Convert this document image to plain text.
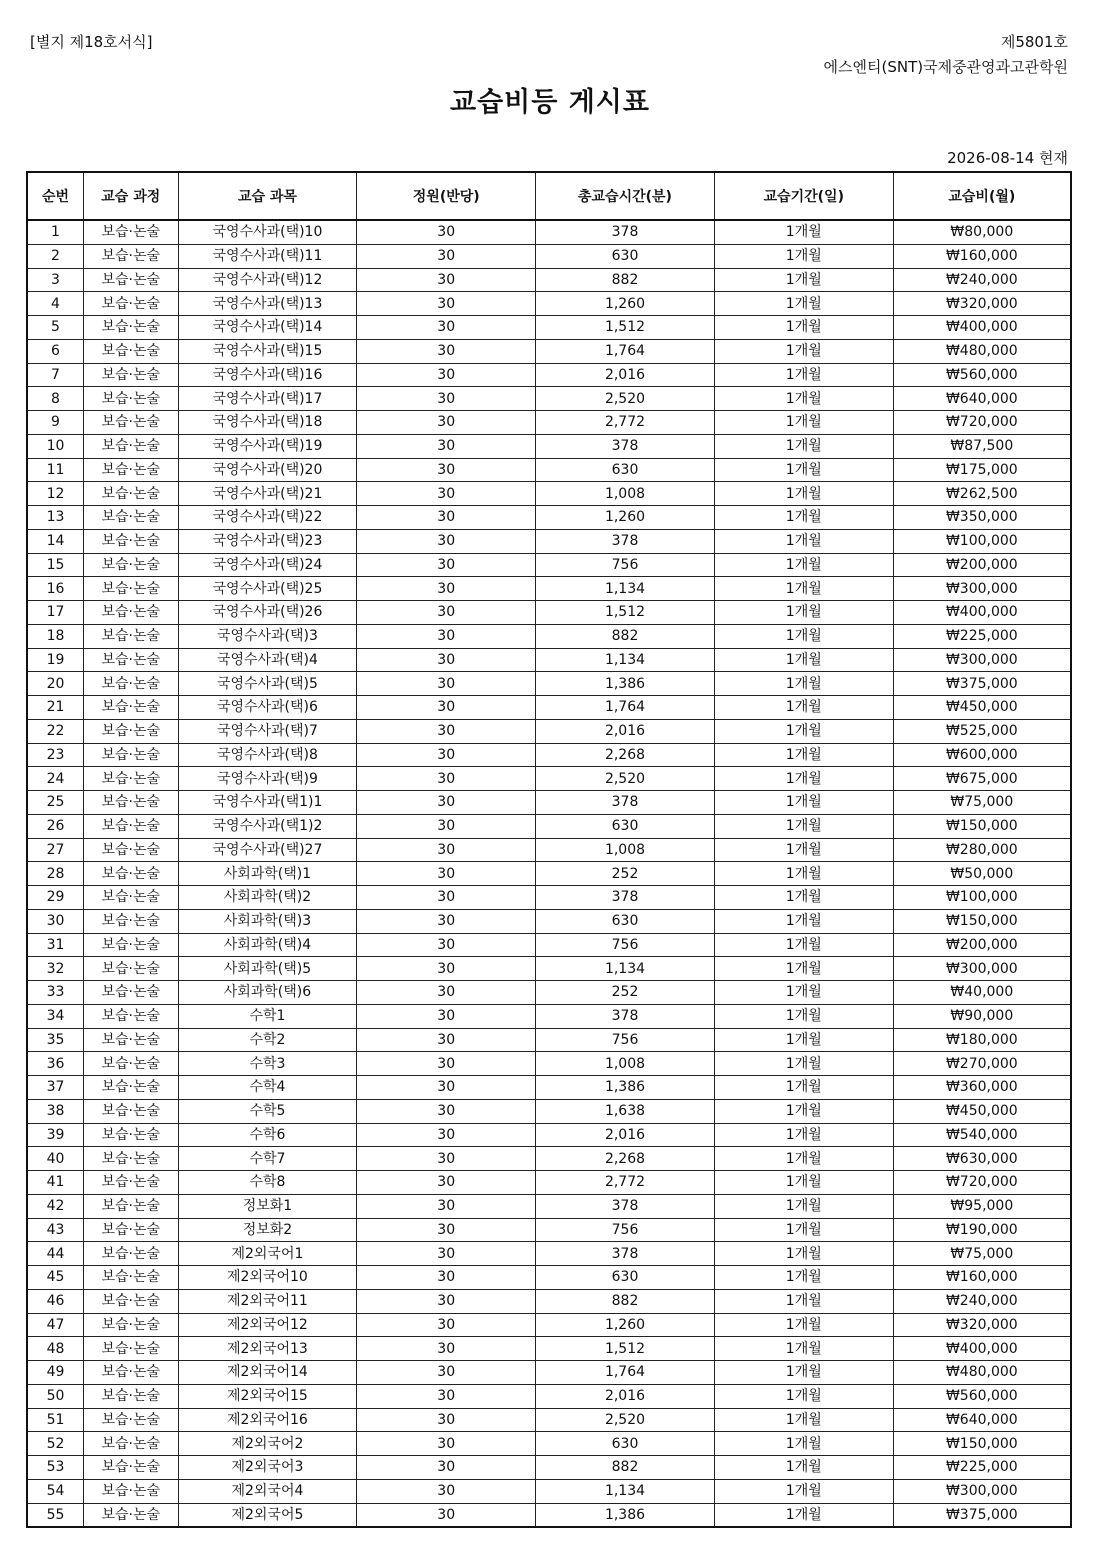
[별지 제18호서식]	제5801호
에스엔티(SNT)국제중관영과고관학원
교습비등 게시표
2026-08-14 현재
순번	교습 과정	교습 과목	정원(반당)	총교습시간(분)	교습기간(일)	교습비(월)
1	보습·논술	국영수사과(택)10	30	378	1개월	₩80,000
2	보습·논술	국영수사과(택)11	30	630	1개월	₩160,000
3	보습·논술	국영수사과(택)12	30	882	1개월	₩240,000
4	보습·논술	국영수사과(택)13	30	1,260	1개월	₩320,000
5	보습·논술	국영수사과(택)14	30	1,512	1개월	₩400,000
6	보습·논술	국영수사과(택)15	30	1,764	1개월	₩480,000
7	보습·논술	국영수사과(택)16	30	2,016	1개월	₩560,000
8	보습·논술	국영수사과(택)17	30	2,520	1개월	₩640,000
9	보습·논술	국영수사과(택)18	30	2,772	1개월	₩720,000
10	보습·논술	국영수사과(택)19	30	378	1개월	₩87,500
11	보습·논술	국영수사과(택)20	30	630	1개월	₩175,000
12	보습·논술	국영수사과(택)21	30	1,008	1개월	₩262,500
13	보습·논술	국영수사과(택)22	30	1,260	1개월	₩350,000
14	보습·논술	국영수사과(택)23	30	378	1개월	₩100,000
15	보습·논술	국영수사과(택)24	30	756	1개월	₩200,000
16	보습·논술	국영수사과(택)25	30	1,134	1개월	₩300,000
17	보습·논술	국영수사과(택)26	30	1,512	1개월	₩400,000
18	보습·논술	국영수사과(택)3	30	882	1개월	₩225,000
19	보습·논술	국영수사과(택)4	30	1,134	1개월	₩300,000
20	보습·논술	국영수사과(택)5	30	1,386	1개월	₩375,000
21	보습·논술	국영수사과(택)6	30	1,764	1개월	₩450,000
22	보습·논술	국영수사과(택)7	30	2,016	1개월	₩525,000
23	보습·논술	국영수사과(택)8	30	2,268	1개월	₩600,000
24	보습·논술	국영수사과(택)9	30	2,520	1개월	₩675,000
25	보습·논술	국영수사과(택1)1	30	378	1개월	₩75,000
26	보습·논술	국영수사과(택1)2	30	630	1개월	₩150,000
27	보습·논술	국영수사과(택)27	30	1,008	1개월	₩280,000
28	보습·논술	사회과학(택)1	30	252	1개월	₩50,000
29	보습·논술	사회과학(택)2	30	378	1개월	₩100,000
30	보습·논술	사회과학(택)3	30	630	1개월	₩150,000
31	보습·논술	사회과학(택)4	30	756	1개월	₩200,000
32	보습·논술	사회과학(택)5	30	1,134	1개월	₩300,000
33	보습·논술	사회과학(택)6	30	252	1개월	₩40,000
34	보습·논술	수학1	30	378	1개월	₩90,000
35	보습·논술	수학2	30	756	1개월	₩180,000
36	보습·논술	수학3	30	1,008	1개월	₩270,000
37	보습·논술	수학4	30	1,386	1개월	₩360,000
38	보습·논술	수학5	30	1,638	1개월	₩450,000
39	보습·논술	수학6	30	2,016	1개월	₩540,000
40	보습·논술	수학7	30	2,268	1개월	₩630,000
41	보습·논술	수학8	30	2,772	1개월	₩720,000
42	보습·논술	정보화1	30	378	1개월	₩95,000
43	보습·논술	정보화2	30	756	1개월	₩190,000
44	보습·논술	제2외국어1	30	378	1개월	₩75,000
45	보습·논술	제2외국어10	30	630	1개월	₩160,000
46	보습·논술	제2외국어11	30	882	1개월	₩240,000
47	보습·논술	제2외국어12	30	1,260	1개월	₩320,000
48	보습·논술	제2외국어13	30	1,512	1개월	₩400,000
49	보습·논술	제2외국어14	30	1,764	1개월	₩480,000
50	보습·논술	제2외국어15	30	2,016	1개월	₩560,000
51	보습·논술	제2외국어16	30	2,520	1개월	₩640,000
52	보습·논술	제2외국어2	30	630	1개월	₩150,000
53	보습·논술	제2외국어3	30	882	1개월	₩225,000
54	보습·논술	제2외국어4	30	1,134	1개월	₩300,000
55	보습·논술	제2외국어5	30	1,386	1개월	₩375,000
